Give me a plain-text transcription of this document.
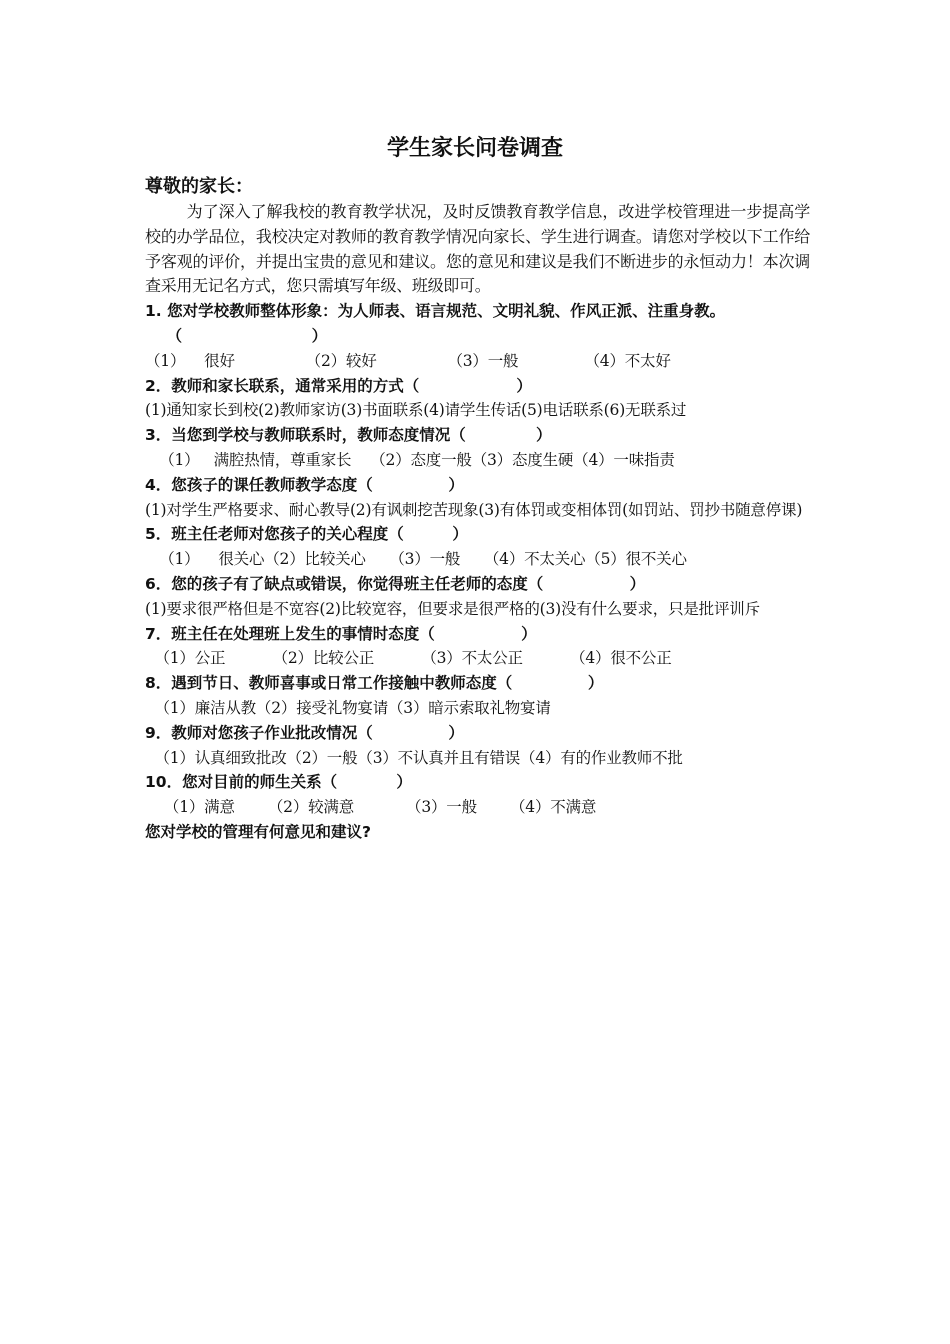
学生家长问卷调查
尊敬的家长：

为了深入了解我校的教育教学状况，及时反馈教育教学信息，改进学校管理进一步提高学校的办学品位，我校决定对教师的教育教学情况向家长、学生进行调查。请您对学校以下工作给予客观的评价，并提出宝贵的意见和建议。您的意见和建议是我们不断进步的永恒动力！本次调查采用无记名方式，您只需填写年级、班级即可。

1. 您对学校教师整体形象：为人师表、语言规范、文明礼貌、作风正派、注重身教。
（                        ）
（1）    很好               （2）较好               （3）一般              （4）不太好
2．教师和家长联系，通常采用的方式（                  ）
(1)通知家长到校(2)教师家访(3)书面联系(4)请学生传话(5)电话联系(6)无联系过
3．当您到学校与教师联系时，教师态度情况（             ）
（1）   满腔热情，尊重家长    （2）态度一般（3）态度生硬（4）一味指责
4．您孩子的课任教师教学态度（              ）
(1)对学生严格要求、耐心教导(2)有讽刺挖苦现象(3)有体罚或变相体罚(如罚站、罚抄书随意停课)
5．班主任老师对您孩子的关心程度（         ）
（1）    很关心（2）比较关心     （3）一般     （4）不太关心（5）很不关心
6．您的孩子有了缺点或错误，你觉得班主任老师的态度（                ）
(1)要求很严格但是不宽容(2)比较宽容，但要求是很严格的(3)没有什么要求，只是批评训斥
7．班主任在处理班上发生的事情时态度（                ）
（1）公正          （2）比较公正          （3）不太公正          （4）很不公正
8．遇到节日、教师喜事或日常工作接触中教师态度（              ）
（1）廉洁从教（2）接受礼物宴请（3）暗示索取礼物宴请
9．教师对您孩子作业批改情况（              ）
（1）认真细致批改（2）一般（3）不认真并且有错误（4）有的作业教师不批
10．您对目前的师生关系（           ）
（1）满意       （2）较满意           （3）一般       （4）不满意
您对学校的管理有何意见和建议?
